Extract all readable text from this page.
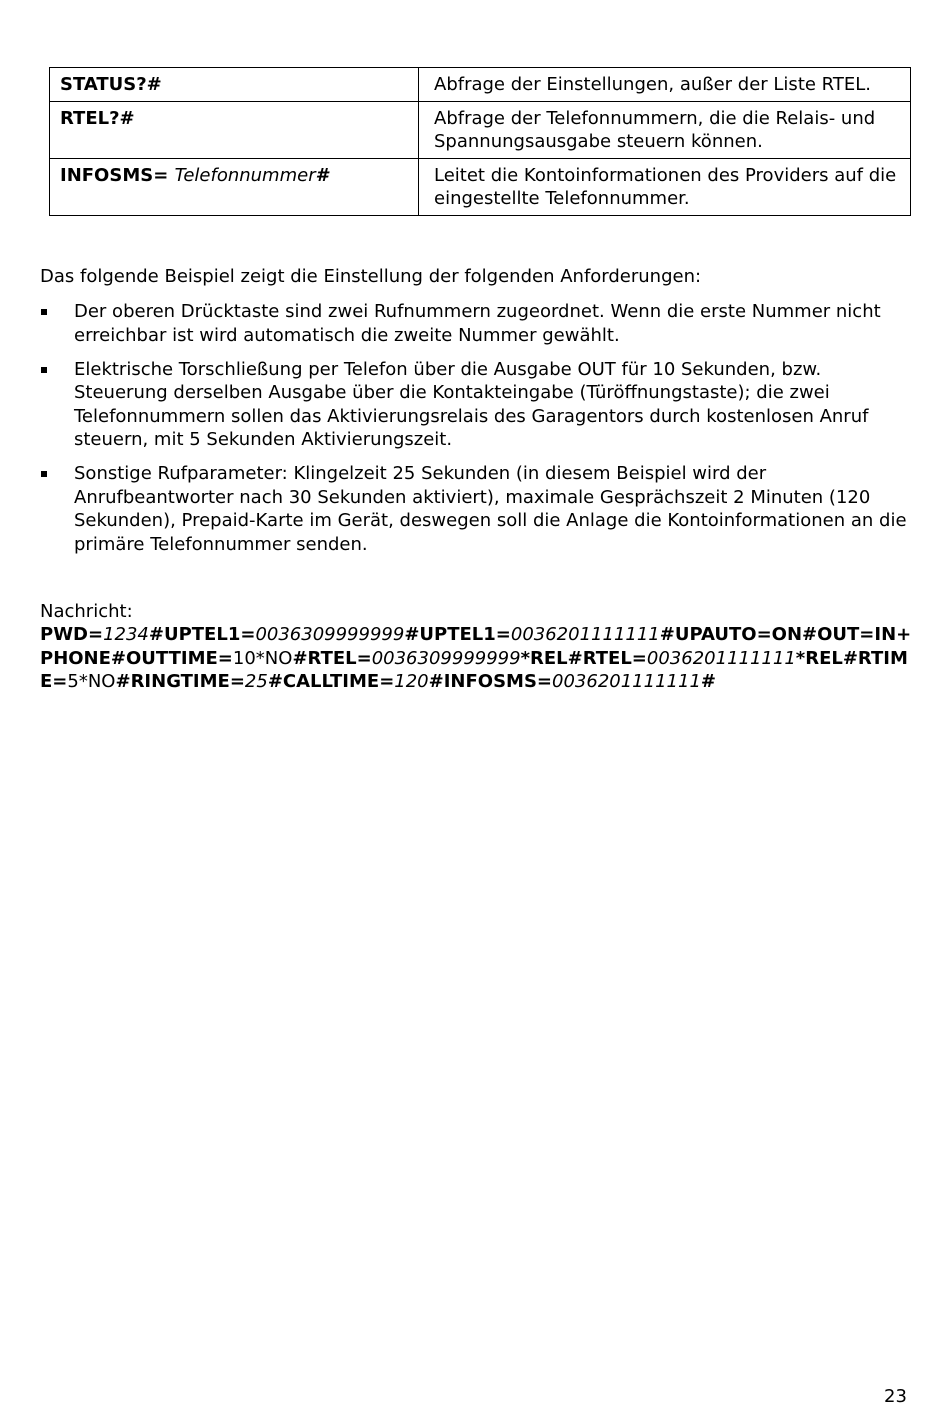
STATUS?#	Abfrage der Einstellungen, außer der Liste RTEL.
RTEL?#	Abfrage der Telefonnummern, die die Relais- und Spannungsausgabe steuern können.
INFOSMS= Telefonnummer#	Leitet die Kontoinformationen des Providers auf die eingestellte Telefonnummer.

Das folgende Beispiel zeigt die Einstellung der folgenden Anforderungen:

Der oberen Drücktaste sind zwei Rufnummern zugeordnet. Wenn die erste Nummer nicht erreichbar ist wird automatisch die zweite Nummer gewählt.
Elektrische Torschließung per Telefon über die Ausgabe OUT für 10 Sekunden, bzw. Steuerung derselben Ausgabe über die Kontakteingabe (Türöffnungstaste); die zwei Telefonnummern sollen das Aktivierungsrelais des Garagentors durch kostenlosen Anruf steuern, mit 5 Sekunden Aktivierungszeit.
Sonstige Rufparameter: Klingelzeit 25 Sekunden (in diesem Beispiel wird der Anrufbeantworter nach 30 Sekunden aktiviert), maximale Gesprächszeit 2 Minuten (120 Sekunden), Prepaid-Karte im Gerät, deswegen soll die Anlage die Kontoinformationen an die primäre Telefonnummer senden.

Nachricht:

PWD=1234#UPTEL1=0036309999999#UPTEL1=0036201111111#UPAUTO=ON#OUT=IN+PHONE#OUTTIME=10*NO#RTEL=0036309999999*REL#RTEL=0036201111111*REL#RTIME=5*NO#RINGTIME=25#CALLTIME=120#INFOSMS=0036201111111#

23
